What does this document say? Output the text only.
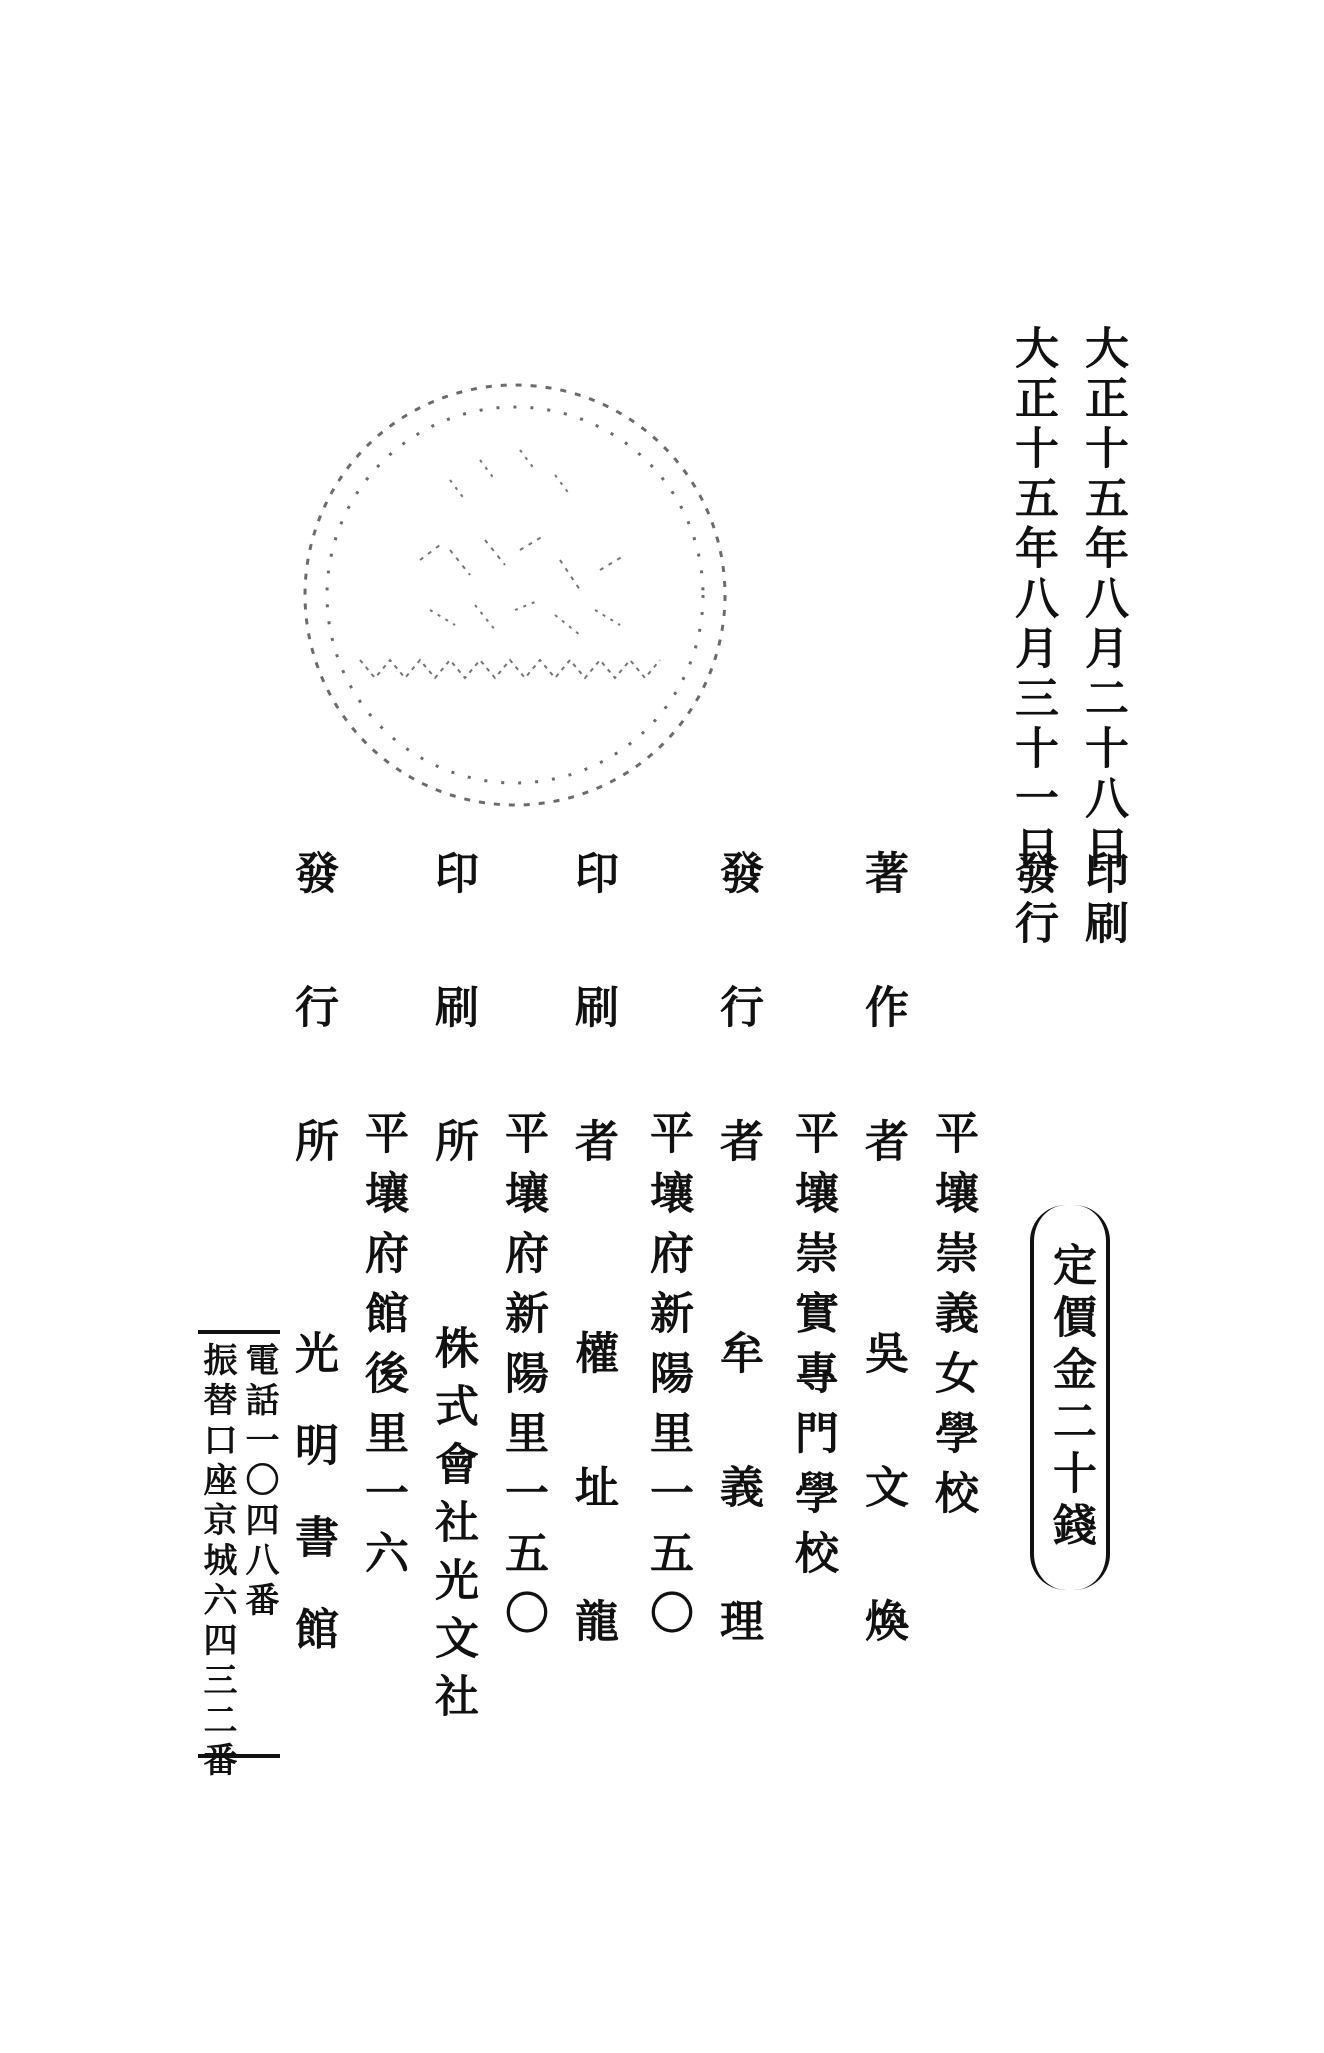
大正十五年八月二十八日
印刷
大正十五年八月三十一日
發行
定價金二十錢
著作者
平壤崇義女學校
吳文煥
發行者
平壤崇實專門學校
牟義理
印刷者
平壤府新陽里一五〇
權址龍
印刷所
平壤府新陽里一五〇
株式會社光文社
發行所
平壤府館後里一六
光明書館
電話一〇四八番
振替口座京城六四三二番
